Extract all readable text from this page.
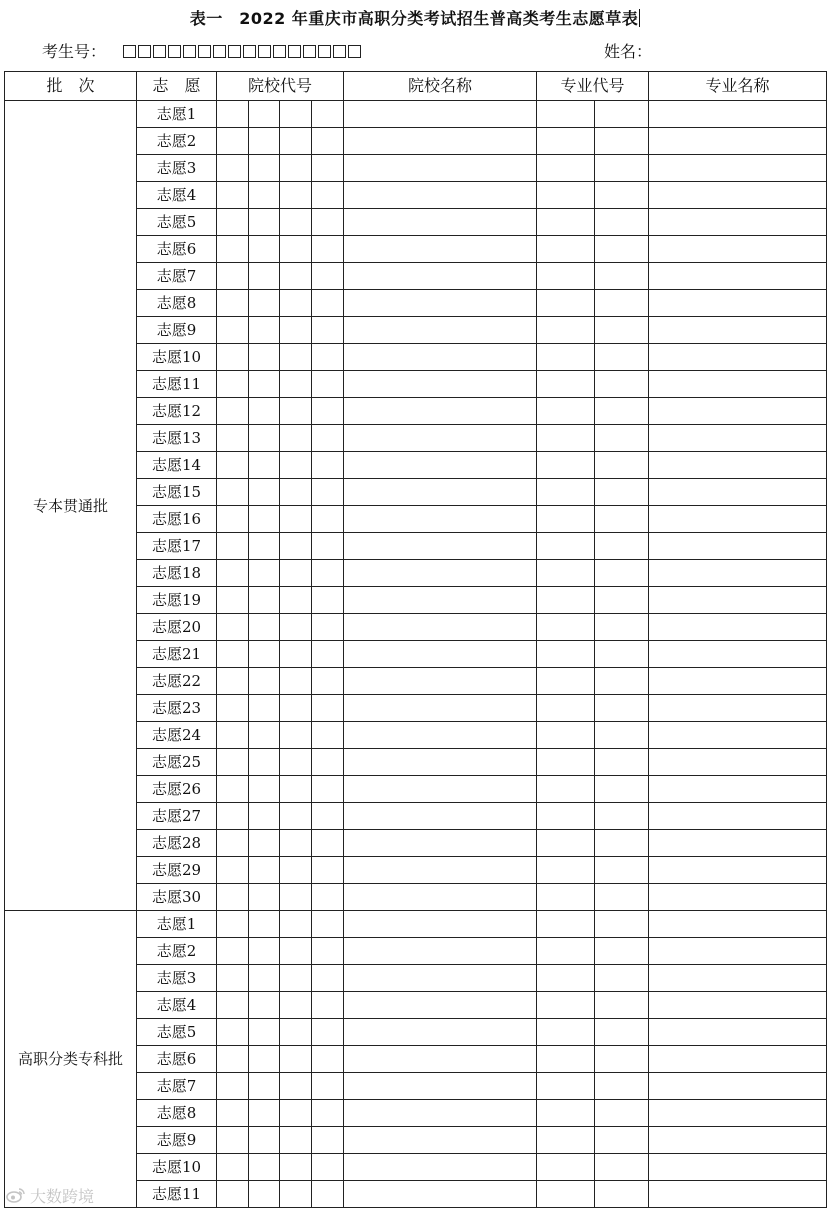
表一　2022 年重庆市高职分类考试招生普高类考生志愿草表
考生号：	姓名：
批　次	志　愿	院校代号				院校名称	专业代号		专业名称
专本贯通批	志愿1								
	志愿2								
	志愿3								
	志愿4								
	志愿5								
	志愿6								
	志愿7								
	志愿8								
	志愿9								
	志愿10								
	志愿11								
	志愿12								
	志愿13								
	志愿14								
	志愿15								
	志愿16								
	志愿17								
	志愿18								
	志愿19								
	志愿20								
	志愿21								
	志愿22								
	志愿23								
	志愿24								
	志愿25								
	志愿26								
	志愿27								
	志愿28								
	志愿29								
	志愿30								
高职分类专科批	志愿1								
	志愿2								
	志愿3								
	志愿4								
	志愿5								
	志愿6								
	志愿7								
	志愿8								
	志愿9								
	志愿10								
	志愿11								
大数跨境
